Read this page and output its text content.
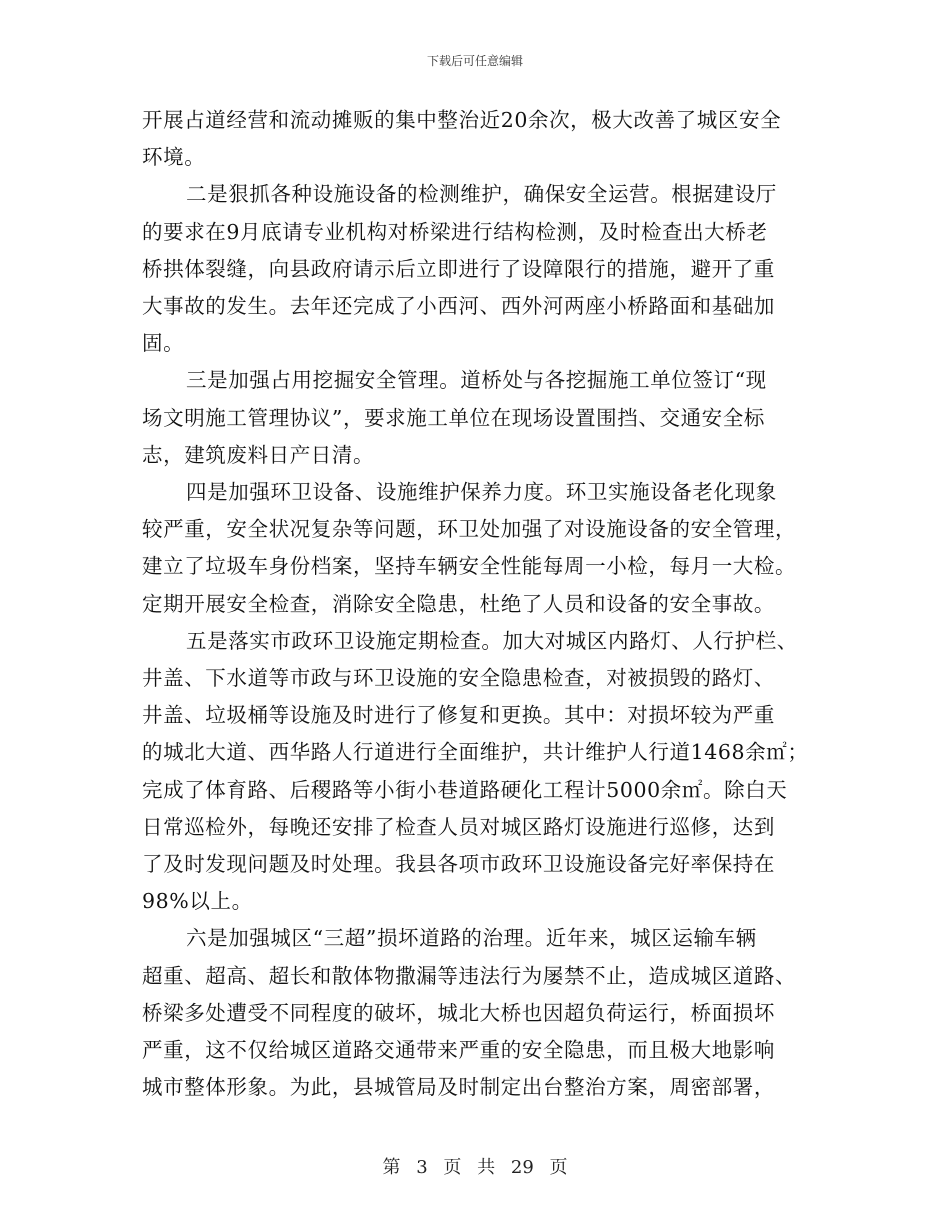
下载后可任意编辑
开展占道经营和流动摊贩的集中整治近20余次，极大改善了城区安全
环境。
二是狠抓各种设施设备的检测维护，确保安全运营。根据建设厅
的要求在9月底请专业机构对桥梁进行结构检测，及时检查出大桥老
桥拱体裂缝，向县政府请示后立即进行了设障限行的措施，避开了重
大事故的发生。去年还完成了小西河、西外河两座小桥路面和基础加
固。
三是加强占用挖掘安全管理。道桥处与各挖掘施工单位签订“现
场文明施工管理协议”，要求施工单位在现场设置围挡、交通安全标
志，建筑废料日产日清。
四是加强环卫设备、设施维护保养力度。环卫实施设备老化现象
较严重，安全状况复杂等问题，环卫处加强了对设施设备的安全管理，
建立了垃圾车身份档案，坚持车辆安全性能每周一小检，每月一大检。
定期开展安全检查，消除安全隐患，杜绝了人员和设备的安全事故。
五是落实市政环卫设施定期检查。加大对城区内路灯、人行护栏、
井盖、下水道等市政与环卫设施的安全隐患检查，对被损毁的路灯、
井盖、垃圾桶等设施及时进行了修复和更换。其中：对损坏较为严重
的城北大道、西华路人行道进行全面维护，共计维护人行道1468余㎡；
完成了体育路、后稷路等小街小巷道路硬化工程计5000余㎡。除白天
日常巡检外，每晚还安排了检查人员对城区路灯设施进行巡修，达到
了及时发现问题及时处理。我县各项市政环卫设施设备完好率保持在
98%以上。
六是加强城区“三超”损坏道路的治理。近年来，城区运输车辆
超重、超高、超长和散体物撒漏等违法行为屡禁不止，造成城区道路、
桥梁多处遭受不同程度的破坏，城北大桥也因超负荷运行，桥面损坏
严重，这不仅给城区道路交通带来严重的安全隐患，而且极大地影响
城市整体形象。为此，县城管局及时制定出台整治方案，周密部署，
第 3 页 共 29 页
